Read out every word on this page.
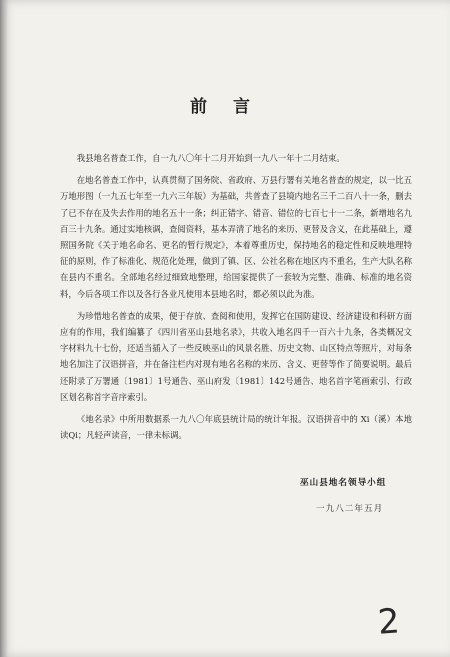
前 言

我县地名普查工作，自一九八〇年十二月开始到一九八一年十二月结束。

在地名普查工作中，认真贯彻了国务院、省政府、万县行署有关地名普查的规定，以一比五万地形图（一九五七年至一九六三年版）为基础，共普查了县境内地名三千二百八十一条，删去了已不存在及失去作用的地名五十一条；纠正错字、错音、错位的七百七十一二条，新增地名九百三十九条。通过实地核调，查阅资料，基本弄清了地名的来历、更替及含义，在此基础上，遵照国务院《关于地名命名、更名的暂行规定》，本着尊重历史，保持地名的稳定性和反映地理特征的原则，作了标准化、规范化处理，做到了镇、区、公社名称在地区内不重名，生产大队名称在县内不重名。全部地名经过细致地整理，给国家提供了一套较为完整、准确、标准的地名资料，今后各项工作以及各行各业凡使用本县地名时，都必须以此为准。

为珍惜地名普查的成果，便于存放、查阅和使用，发挥它在国防建设、经济建设和科研方面应有的作用，我们编纂了《四川省巫山县地名录》，共收入地名四千一百六十九条，各类概况文字材料九十七份，还适当插入了一些反映巫山的风景名胜、历史文物、山区特点等照片，对每条地名加注了汉语拼音，并在备注栏内对现有地名名称的来历、含义、更替等作了简要说明。最后还附录了万署通〔1981〕1号通告、巫山府发〔1981〕142号通告、地名首字笔画索引、行政区划名称首字音序索引。

《地名录》中所用数据系一九八〇年底县统计局的统计年报。汉语拼音中的 Xi（溪）本地读Qi；凡轻声读音，一律未标调。

巫山县地名领导小组
一九八二年五月
2
